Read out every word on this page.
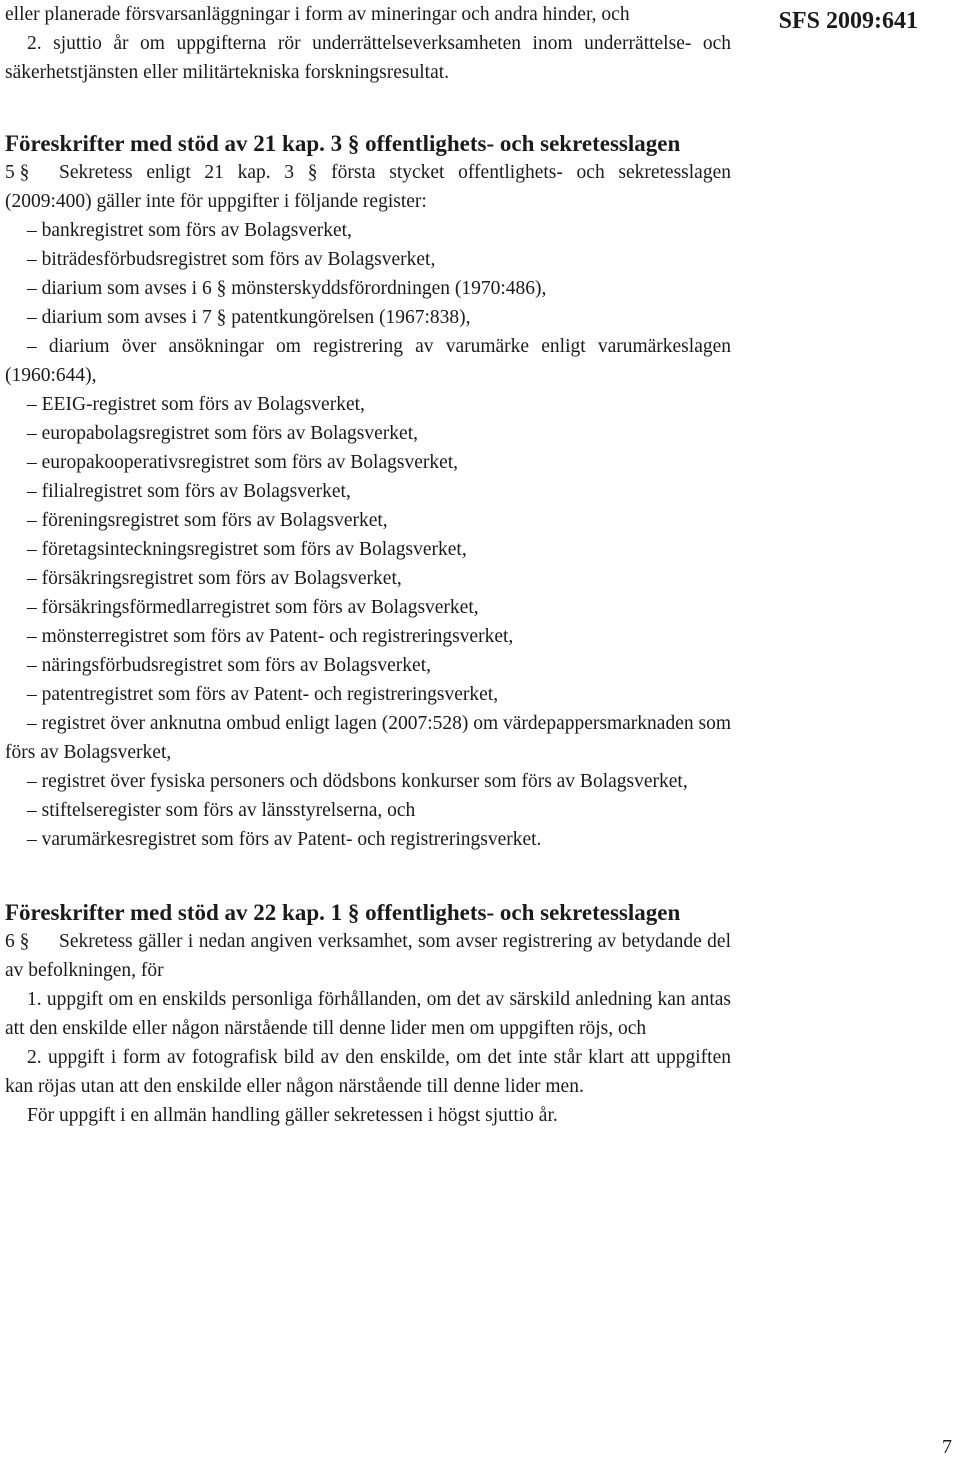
SFS 2009:641

eller planerade försvarsanläggningar i form av mineringar och andra hinder, och

2. sjuttio år om uppgifterna rör underrättelseverksamheten inom underrättelse- och säkerhetstjänsten eller militärtekniska forskningsresultat.

Föreskrifter med stöd av 21 kap. 3 § offentlighets- och sekretesslagen

5 § Sekretess enligt 21 kap. 3 § första stycket offentlighets- och sekretesslagen (2009:400) gäller inte för uppgifter i följande register:

– bankregistret som förs av Bolagsverket,

– biträdesförbudsregistret som förs av Bolagsverket,

– diarium som avses i 6 § mönsterskyddsförordningen (1970:486),

– diarium som avses i 7 § patentkungörelsen (1967:838),

– diarium över ansökningar om registrering av varumärke enligt varumärkeslagen (1960:644),

– EEIG-registret som förs av Bolagsverket,

– europabolagsregistret som förs av Bolagsverket,

– europakooperativsregistret som förs av Bolagsverket,

– filialregistret som förs av Bolagsverket,

– föreningsregistret som förs av Bolagsverket,

– företagsinteckningsregistret som förs av Bolagsverket,

– försäkringsregistret som förs av Bolagsverket,

– försäkringsförmedlarregistret som förs av Bolagsverket,

– mönsterregistret som förs av Patent- och registreringsverket,

– näringsförbudsregistret som förs av Bolagsverket,

– patentregistret som förs av Patent- och registreringsverket,

– registret över anknutna ombud enligt lagen (2007:528) om värdepappersmarknaden som förs av Bolagsverket,

– registret över fysiska personers och dödsbons konkurser som förs av Bolagsverket,

– stiftelseregister som förs av länsstyrelserna, och

– varumärkesregistret som förs av Patent- och registreringsverket.

Föreskrifter med stöd av 22 kap. 1 § offentlighets- och sekretesslagen

6 § Sekretess gäller i nedan angiven verksamhet, som avser registrering av betydande del av befolkningen, för

1. uppgift om en enskilds personliga förhållanden, om det av särskild anledning kan antas att den enskilde eller någon närstående till denne lider men om uppgiften röjs, och

2. uppgift i form av fotografisk bild av den enskilde, om det inte står klart att uppgiften kan röjas utan att den enskilde eller någon närstående till denne lider men.

För uppgift i en allmän handling gäller sekretessen i högst sjuttio år.

7
